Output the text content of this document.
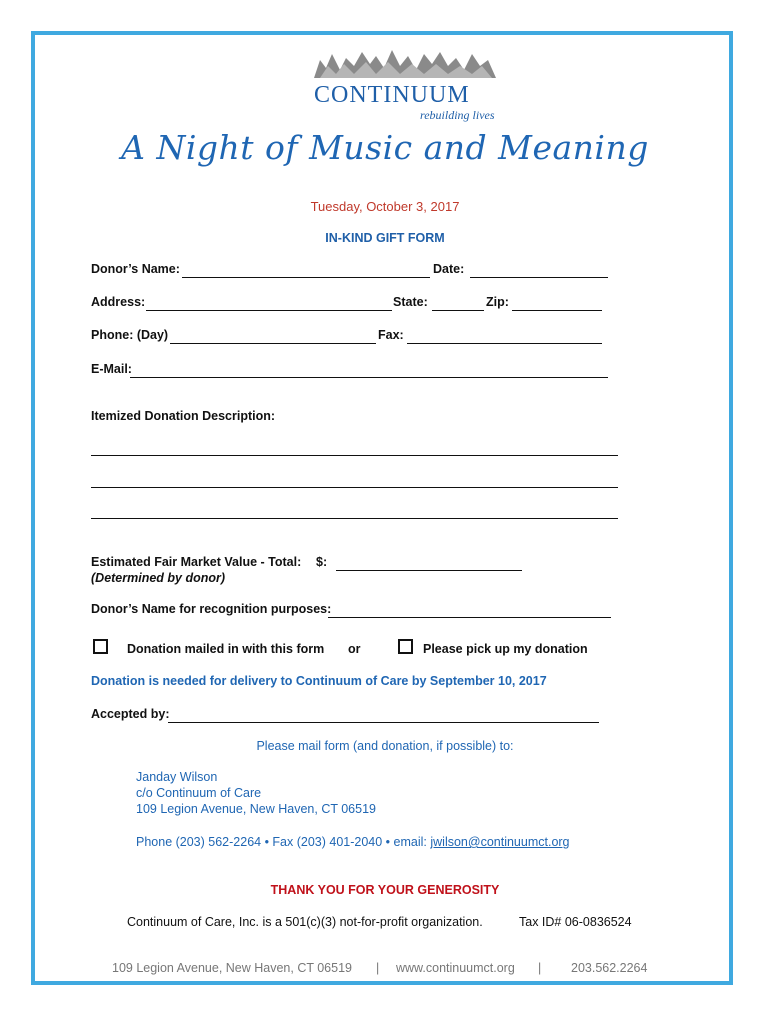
CONTINUUM
rebuilding lives
A Night of Music and Meaning
Tuesday, October 3, 2017
IN-KIND GIFT FORM
Donor’s Name:	Date:
Address:	State:	Zip:
Phone: (Day)	Fax:
E-Mail:
Itemized Donation Description:
Estimated Fair Market Value - Total: $:
(Determined by donor)
Donor’s Name for recognition purposes:
Donation mailed in with this form or	Please pick up my donation
Donation is needed for delivery to Continuum of Care by September 10, 2017
Accepted by:
Please mail form (and donation, if possible) to:
Janday Wilson
c/o Continuum of Care
109 Legion Avenue, New Haven, CT 06519
Phone (203) 562-2264 • Fax (203) 401-2040 • email: jwilson@continuumct.org
THANK YOU FOR YOUR GENEROSITY
Continuum of Care, Inc. is a 501(c)(3) not-for-profit organization.	Tax ID# 06-0836524
109 Legion Avenue, New Haven, CT 06519 | www.continuumct.org | 203.562.2264
